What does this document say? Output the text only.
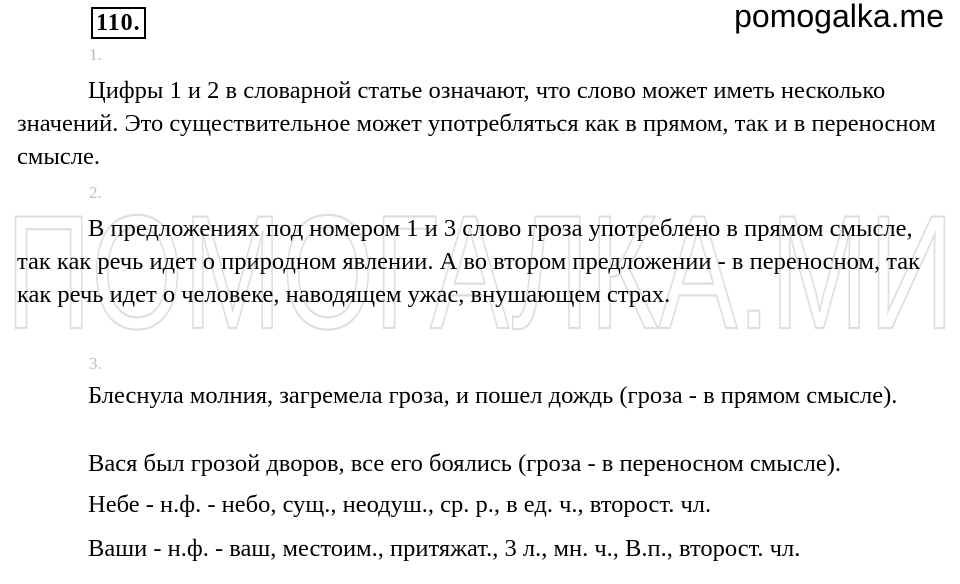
ПОМОГАЛКА.МИ
110.	pomogalka.me
1.

Цифры 1 и 2 в словарной статье означают, что слово может иметь несколько значений. Это существительное может употребляться как в прямом, так и в переносном смысле.

2.

В предложениях под номером 1 и 3 слово гроза употреблено в прямом смысле, так как речь идет о природном явлении. А во втором предложении - в переносном, так как речь идет о человеке, наводящем ужас, внушающем страх.

3.

Блеснула молния, загремела гроза, и пошел дождь (гроза - в прямом смысле).

Вася был грозой дворов, все его боялись (гроза - в переносном смысле).

Небе - н.ф. - небо, сущ., неодуш., ср. р., в ед. ч., второст. чл.

Ваши - н.ф. - ваш, местоим., притяжат., 3 л., мн. ч., В.п., второст. чл.
